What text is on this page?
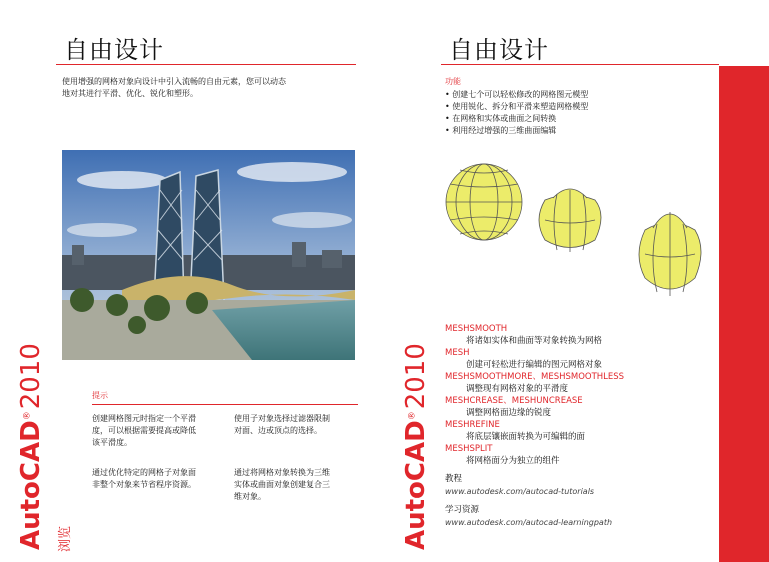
自由设计
使用增强的网格对象向设计中引入流畅的自由元素，您可以动态
地对其进行平滑、优化、锐化和塑形。
提示
创建网格图元时指定一个平滑
度，可以根据需要提高或降低
该平滑度。
使用子对象选择过滤器限制
对面、边或顶点的选择。
通过优化特定的网格子对象面
非整个对象来节省程序资源。
通过将网格对象转换为三维
实体或曲面对象创建复合三
维对象。
AutoCAD®2010
浏览
自由设计
功能
• 创建七个可以轻松修改的网格图元模型
• 使用锐化、拆分和平滑来塑造网格模型
• 在网格和实体或曲面之间转换
• 利用经过增强的三维曲面编辑
MESHSMOOTH
将诸如实体和曲面等对象转换为网格
MESH
创建可轻松进行编辑的图元网格对象
MESHSMOOTHMORE、MESHSMOOTHLESS
调整现有网格对象的平滑度
MESHCREASE、MESHUNCREASE
调整网格面边缘的锐度
MESHREFINE
将底层镶嵌面转换为可编辑的面
MESHSPLIT
将网格面分为独立的组件
教程
www.autodesk.com/autocad-tutorials
学习资源
www.autodesk.com/autocad-learningpath
AutoCAD®2010
